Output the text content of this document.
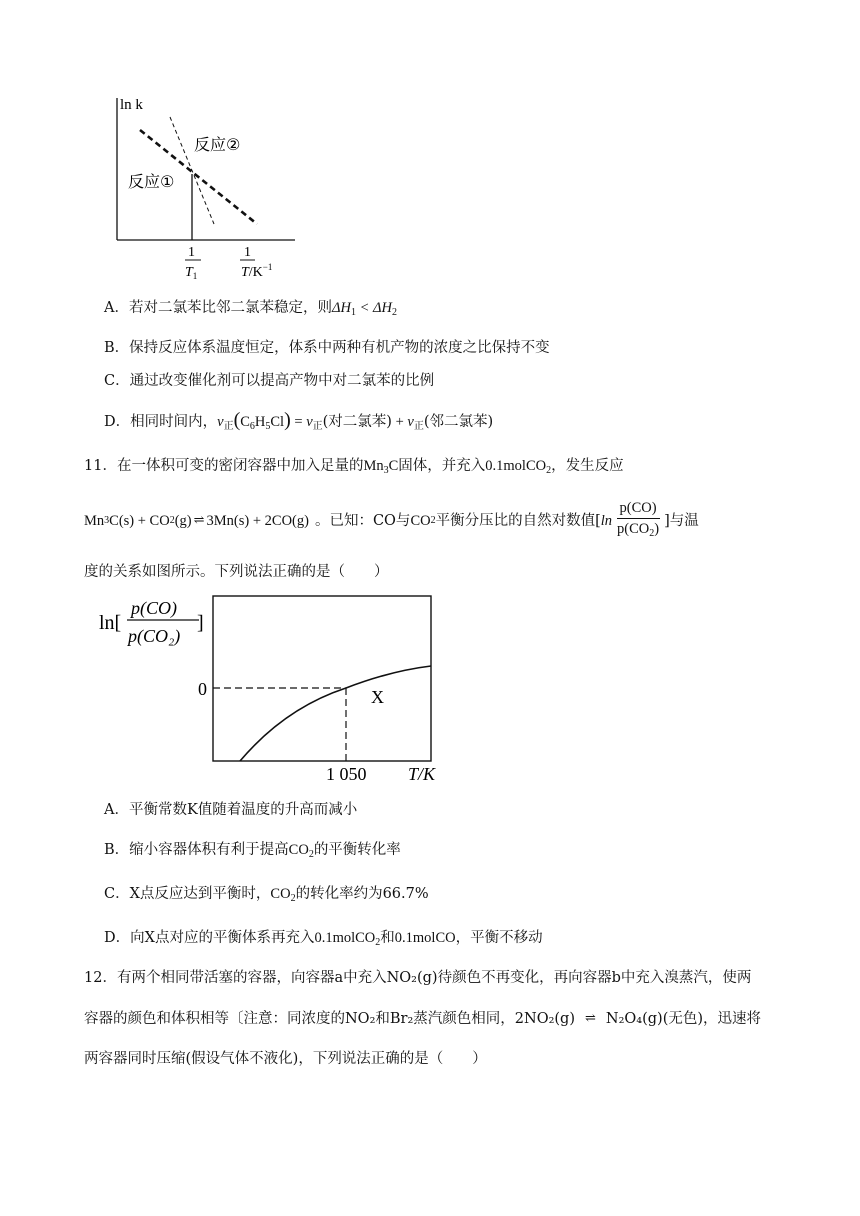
ln k
反应②
反应①
1
$T_1$
1
$T/K^{-1}$
A．若对二氯苯比邻二氯苯稳定，则$\Delta H_1 < \Delta H_2$
B．保持反应体系温度恒定，体系中两种有机产物的浓度之比保持不变
C．通过改变催化剂可以提高产物中对二氯苯的比例
D．相同时间内，$v_正(C_6H_5Cl) = v_正$(对二氯苯) + $v_正$(邻二氯苯)
11．在一体积可变的密闭容器中加入足量的$Mn_3C$固体，并充入0.1molCO$_2$，发生反应
Mn 3 C(s) + CO 2 (g) ⇌ 3Mn(s) + 2CO(g) 。已知：CO与 CO 2 平衡分压比的自然对数值[ $\ln \frac{p(CO)}{p(CO_2)}$ ]与温
度的关系如图所示。下列说法正确的是（　　）
ln[
p(CO)
p(CO₂)
]
0	X
1 050 T/K
A．平衡常数K值随着温度的升高而减小
B．缩小容器体积有利于提高$CO_2$的平衡转化率
C．X点反应达到平衡时，$CO_2$的转化率约为66.7%
D．向X点对应的平衡体系再充入0.1molCO$_2$和0.1molCO，平衡不移动
12．有两个相同带活塞的容器，向容器a中充入NO₂(g)待颜色不再变化，再向容器b中充入溴蒸汽，使两
容器的颜色和体积相等〔注意：同浓度的NO₂和Br₂蒸汽颜色相同，2NO₂(g) ⇌ N₂O₄(g)(无色)，迅速将
两容器同时压缩(假设气体不液化)，下列说法正确的是（　　）
